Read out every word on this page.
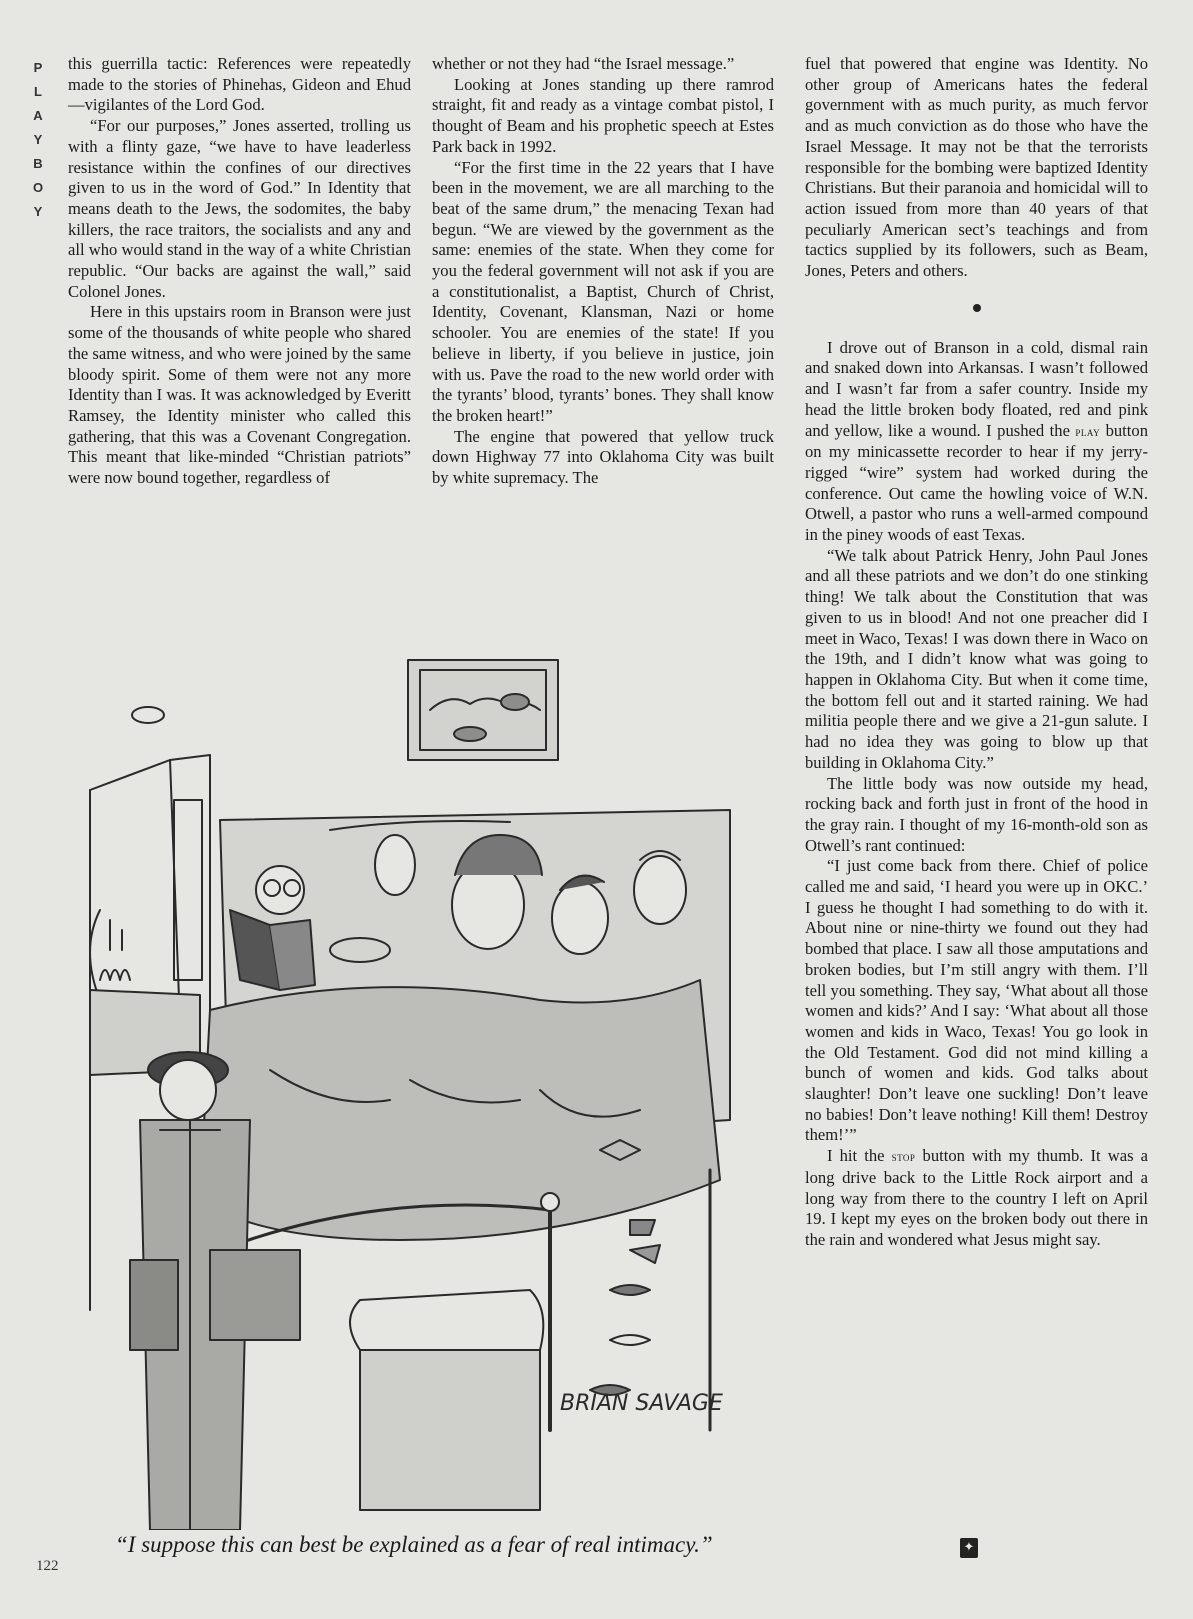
P
L
A
Y
B
O
Y

this guerrilla tactic: References were repeatedly made to the stories of Phinehas, Gideon and Ehud—vigilantes of the Lord God.

“For our purposes,” Jones asserted, trolling us with a flinty gaze, “we have to have leaderless resistance within the confines of our directives given to us in the word of God.” In Identity that means death to the Jews, the sodomites, the baby killers, the race traitors, the socialists and any and all who would stand in the way of a white Christian republic. “Our backs are against the wall,” said Colonel Jones.

Here in this upstairs room in Branson were just some of the thousands of white people who shared the same witness, and who were joined by the same bloody spirit. Some of them were not any more Identity than I was. It was acknowledged by Everitt Ramsey, the Identity minister who called this gathering, that this was a Covenant Congregation. This meant that like-minded “Christian patriots” were now bound together, regardless of

whether or not they had “the Israel message.”

Looking at Jones standing up there ramrod straight, fit and ready as a vintage combat pistol, I thought of Beam and his prophetic speech at Estes Park back in 1992.

“For the first time in the 22 years that I have been in the movement, we are all marching to the beat of the same drum,” the menacing Texan had begun. “We are viewed by the government as the same: enemies of the state. When they come for you the federal government will not ask if you are a constitutionalist, a Baptist, Church of Christ, Identity, Covenant, Klansman, Nazi or home schooler. You are enemies of the state! If you believe in liberty, if you believe in justice, join with us. Pave the road to the new world order with the tyrants’ blood, tyrants’ bones. They shall know the broken heart!”

The engine that powered that yellow truck down Highway 77 into Oklahoma City was built by white supremacy. The

fuel that powered that engine was Identity. No other group of Americans hates the federal government with as much purity, as much fervor and as much conviction as do those who have the Israel Message. It may not be that the terrorists responsible for the bombing were baptized Identity Christians. But their paranoia and homicidal will to action issued from more than 40 years of that peculiarly American sect’s teachings and from tactics supplied by its followers, such as Beam, Jones, Peters and others.

I drove out of Branson in a cold, dismal rain and snaked down into Arkansas. I wasn’t followed and I wasn’t far from a safer country. Inside my head the little broken body floated, red and pink and yellow, like a wound. I pushed the play button on my minicassette recorder to hear if my jerry-rigged “wire” system had worked during the conference. Out came the howling voice of W.N. Otwell, a pastor who runs a well-armed compound in the piney woods of east Texas.

“We talk about Patrick Henry, John Paul Jones and all these patriots and we don’t do one stinking thing! We talk about the Constitution that was given to us in blood! And not one preacher did I meet in Waco, Texas! I was down there in Waco on the 19th, and I didn’t know what was going to happen in Oklahoma City. But when it come time, the bottom fell out and it started raining. We had militia people there and we give a 21-gun salute. I had no idea they was going to blow up that building in Oklahoma City.”

The little body was now outside my head, rocking back and forth just in front of the hood in the gray rain. I thought of my 16-month-old son as Otwell’s rant continued:

“I just come back from there. Chief of police called me and said, ‘I heard you were up in OKC.’ I guess he thought I had something to do with it. About nine or nine-thirty we found out they had bombed that place. I saw all those amputations and broken bodies, but I’m still angry with them. I’ll tell you something. They say, ‘What about all those women and kids?’ And I say: ‘What about all those women and kids in Waco, Texas! You go look in the Old Testament. God did not mind killing a bunch of women and kids. God talks about slaughter! Don’t leave one suckling! Don’t leave no babies! Don’t leave nothing! Kill them! Destroy them!’”

I hit the stop button with my thumb. It was a long drive back to the Little Rock airport and a long way from there to the country I left on April 19. I kept my eyes on the broken body out there in the rain and wondered what Jesus might say.

BRIAN SAVAGE
“I suppose this can best be explained as a fear of real intimacy.”
122
✦
